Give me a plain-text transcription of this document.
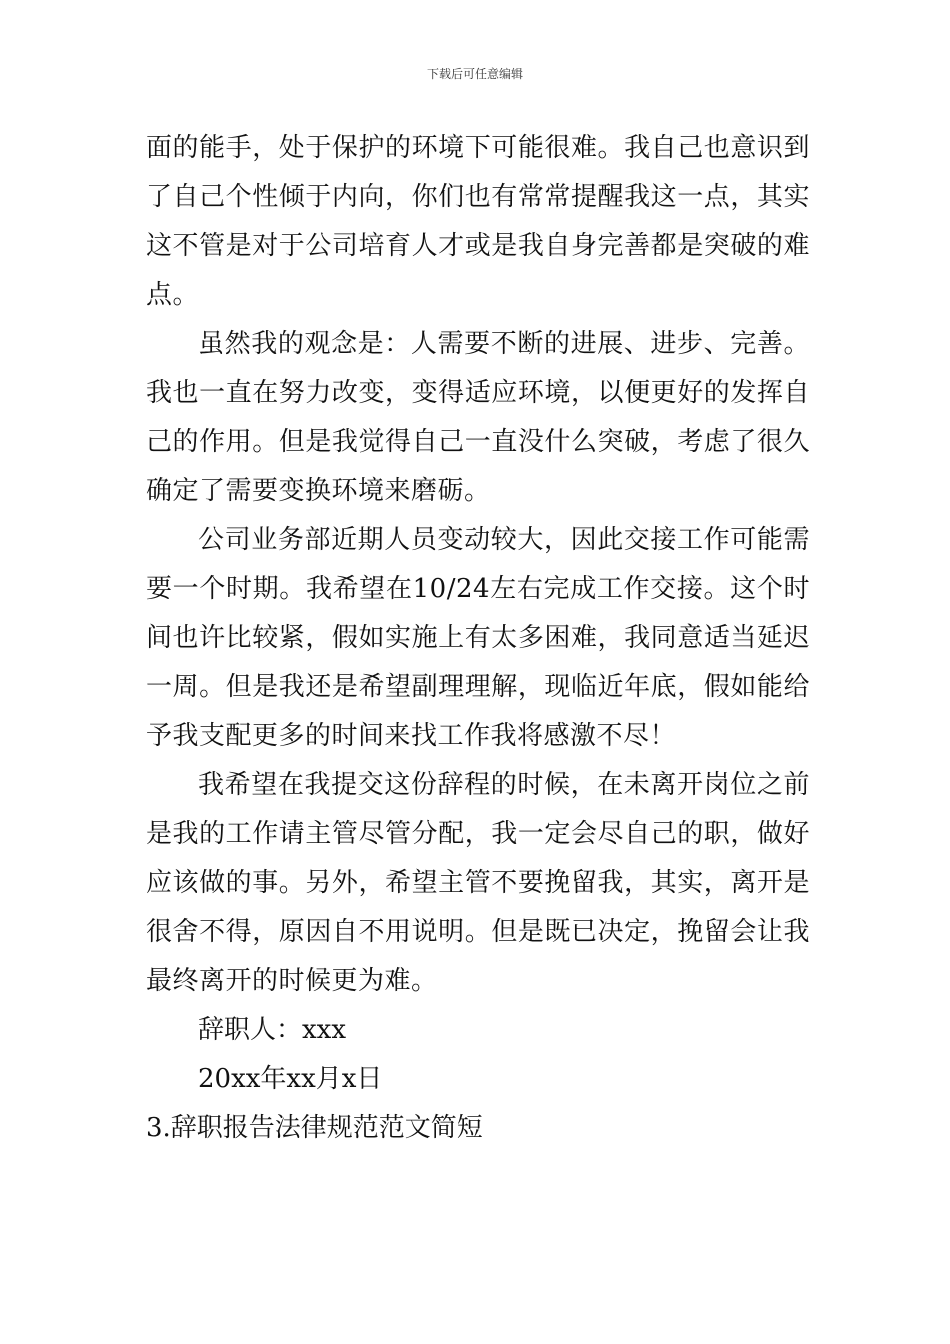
下载后可任意编辑

面的能手，处于保护的环境下可能很难。我自己也意识到了自己个性倾于内向，你们也有常常提醒我这一点，其实这不管是对于公司培育人才或是我自身完善都是突破的难点。

虽然我的观念是：人需要不断的进展、进步、完善。我也一直在努力改变，变得适应环境，以便更好的发挥自己的作用。但是我觉得自己一直没什么突破，考虑了很久确定了需要变换环境来磨砺。

公司业务部近期人员变动较大，因此交接工作可能需要一个时期。我希望在10/24左右完成工作交接。这个时间也许比较紧，假如实施上有太多困难，我同意适当延迟一周。但是我还是希望副理理解，现临近年底，假如能给予我支配更多的时间来找工作我将感激不尽！

我希望在我提交这份辞程的时候，在未离开岗位之前是我的工作请主管尽管分配，我一定会尽自己的职，做好应该做的事。另外，希望主管不要挽留我，其实，离开是很舍不得，原因自不用说明。但是既已决定，挽留会让我最终离开的时候更为难。

辞职人：xxx

20xx年xx月x日

3.辞职报告法律规范范文简短
